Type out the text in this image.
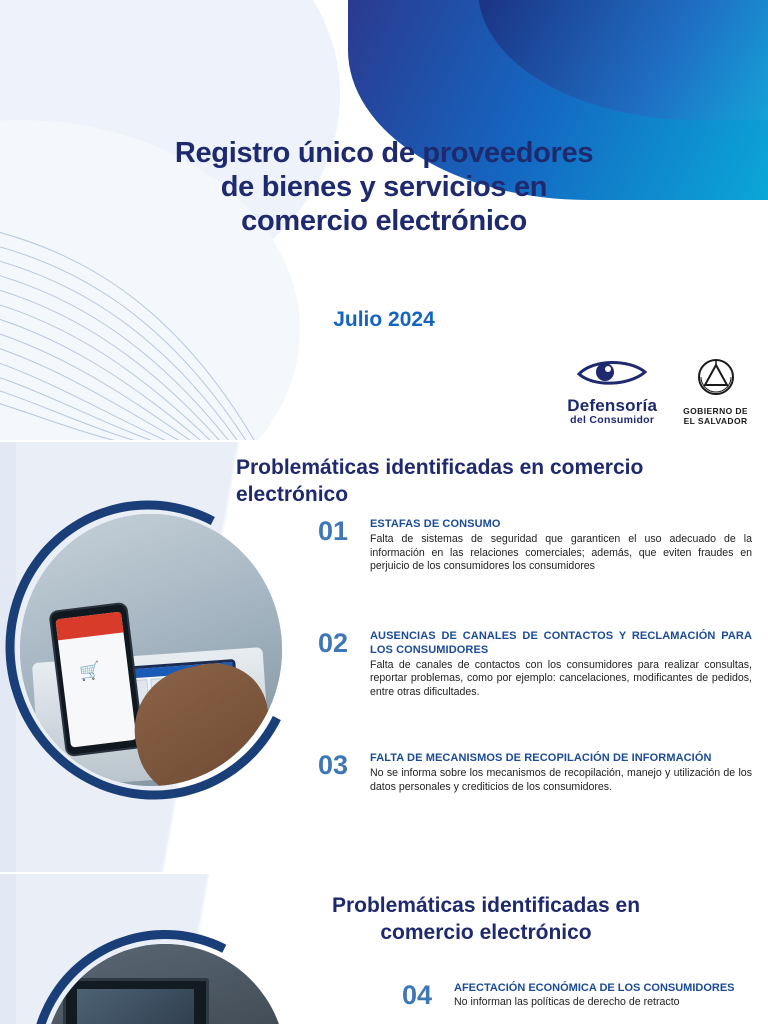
Registro único de proveedores
de bienes y servicios en
comercio electrónico
Julio 2024
Defensoría
del Consumidor
GOBIERNO DE
EL SALVADOR
🛒
Problemáticas identificadas en comercio
electrónico
01	ESTAFAS DE CONSUMO
Falta de sistemas de seguridad que garanticen el uso adecuado de la información en las relaciones comerciales; además, que eviten fraudes en perjuicio de los consumidores los consumidores
02	AUSENCIAS DE CANALES DE CONTACTOS Y RECLAMACIÓN PARA LOS CONSUMIDORES
Falta de canales de contactos con los consumidores para realizar consultas, reportar problemas, como por ejemplo: cancelaciones, modificantes de pedidos, entre otras dificultades.
03	FALTA DE MECANISMOS DE RECOPILACIÓN DE INFORMACIÓN
No se informa sobre los mecanismos de recopilación, manejo y utilización de los datos personales y crediticios de los consumidores.
Problemáticas identificadas en
comercio electrónico
04	AFECTACIÓN ECONÓMICA DE LOS CONSUMIDORES
No informan las políticas de derecho de retracto
